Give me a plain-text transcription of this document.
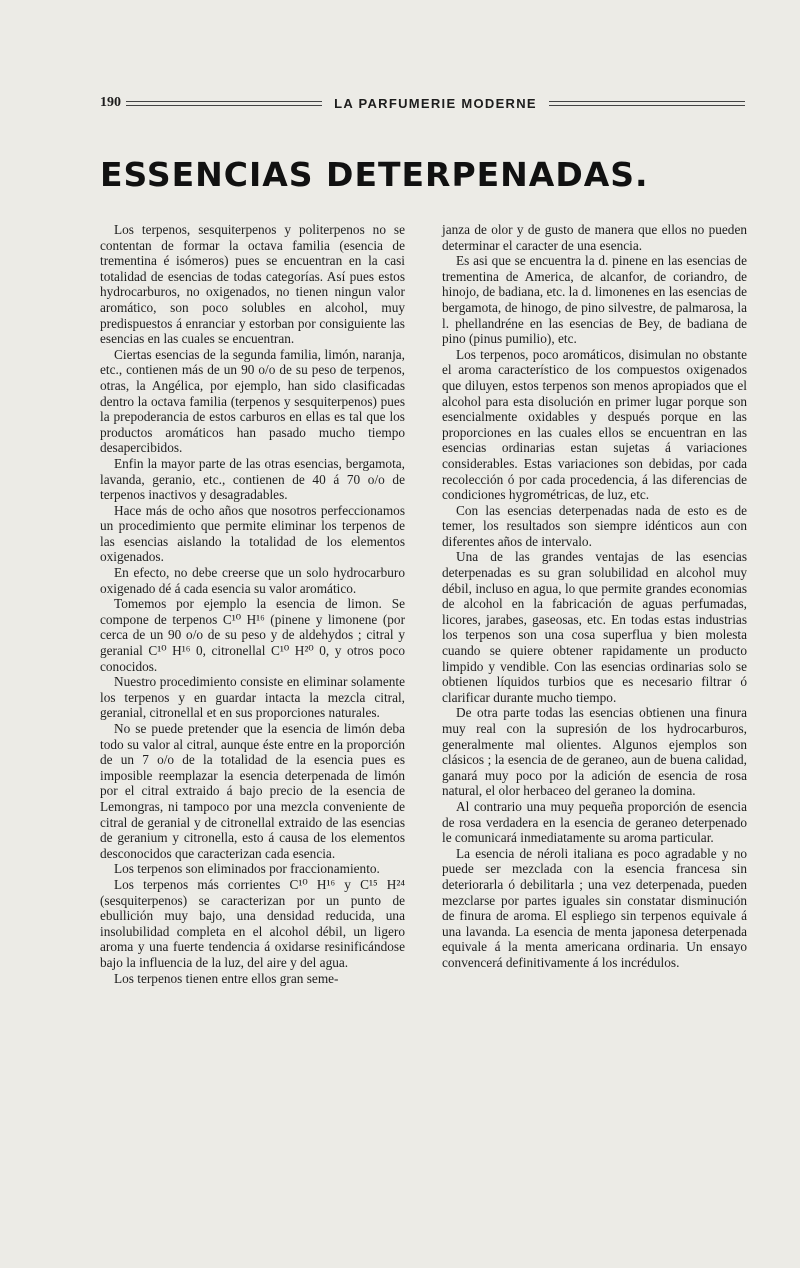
190	LA PARFUMERIE MODERNE
ESSENCIAS DETERPENADAS.

Los terpenos, sesquiterpenos y politerpenos no se contentan de formar la octava familia (esencia de trementina é isómeros) pues se encuentran en la casi totalidad de esencias de todas categorías. Así pues estos hydrocarburos, no oxigenados, no tienen ningun valor aromático, son poco solubles en alcohol, muy predispuestos á enranciar y estorban por consiguiente las esencias en las cuales se encuentran.

Ciertas esencias de la segunda familia, limón, naranja, etc., contienen más de un 90 o/o de su peso de terpenos, otras, la Angélica, por ejemplo, han sido clasificadas dentro la octava familia (terpenos y sesquiterpenos) pues la prepoderancia de estos carburos en ellas es tal que los productos aromáticos han pasado mucho tiempo desapercibidos.

Enfin la mayor parte de las otras esencias, bergamota, lavanda, geranio, etc., contienen de 40 á 70 o/o de terpenos inactivos y desagradables.

Hace más de ocho años que nosotros perfeccionamos un procedimiento que permite eliminar los terpenos de las esencias aislando la totalidad de los elementos oxigenados.

En efecto, no debe creerse que un solo hydrocarburo oxigenado dé á cada esencia su valor aromático.

Tomemos por ejemplo la esencia de limon. Se compone de terpenos C¹⁰ H¹⁶ (pinene y limonene (por cerca de un 90 o/o de su peso y de aldehydos ; citral y geranial C¹⁰ H¹⁶ 0, citronellal C¹⁰ H²⁰ 0, y otros poco conocidos.

Nuestro procedimiento consiste en eliminar solamente los terpenos y en guardar intacta la mezcla citral, geranial, citronellal et en sus proporciones naturales.

No se puede pretender que la esencia de limón deba todo su valor al citral, aunque éste entre en la proporción de un 7 o/o de la totalidad de la esencia pues es imposible reemplazar la esencia deterpenada de limón por el citral extraido á bajo precio de la esencia de Lemongras, ni tampoco por una mezcla conveniente de citral de geranial y de citronellal extraido de las esencias de geranium y citronella, esto á causa de los elementos desconocidos que caracterizan cada esencia.

Los terpenos son eliminados por fraccionamiento.

Los terpenos más corrientes C¹⁰ H¹⁶ y C¹⁵ H²⁴ (sesquiterpenos) se caracterizan por un punto de ebullición muy bajo, una densidad reducida, una insolubilidad completa en el alcohol débil, un ligero aroma y una fuerte tendencia á oxidarse resinificándose bajo la influencia de la luz, del aire y del agua.

Los terpenos tienen entre ellos gran seme-

janza de olor y de gusto de manera que ellos no pueden determinar el caracter de una esencia.

Es asi que se encuentra la d. pinene en las esencias de trementina de America, de alcanfor, de coriandro, de hinojo, de badiana, etc. la d. limonenes en las esencias de bergamota, de hinogo, de pino silvestre, de palmarosa, la l. phellandréne en las esencias de Bey, de badiana de pino (pinus pumilio), etc.

Los terpenos, poco aromáticos, disimulan no obstante el aroma característico de los compuestos oxigenados que diluyen, estos terpenos son menos apropiados que el alcohol para esta disolución en primer lugar porque son esencialmente oxidables y después porque en las proporciones en las cuales ellos se encuentran en las esencias ordinarias estan sujetas á variaciones considerables. Estas variaciones son debidas, por cada recolección ó por cada procedencia, á las diferencias de condiciones hygrométricas, de luz, etc.

Con las esencias deterpenadas nada de esto es de temer, los resultados son siempre idénticos aun con diferentes años de intervalo.

Una de las grandes ventajas de las esencias deterpenadas es su gran solubilidad en alcohol muy débil, incluso en agua, lo que permite grandes economias de alcohol en la fabricación de aguas perfumadas, licores, jarabes, gaseosas, etc. En todas estas industrias los terpenos son una cosa superflua y bien molesta cuando se quiere obtener rapidamente un producto limpido y vendible. Con las esencias ordinarias solo se obtienen líquidos turbios que es necesario filtrar ó clarificar durante mucho tiempo.

De otra parte todas las esencias obtienen una finura muy real con la supresión de los hydrocarburos, generalmente mal olientes. Algunos ejemplos son clásicos ; la esencia de de geraneo, aun de buena calidad, ganará muy poco por la adición de esencia de rosa natural, el olor herbaceo del geraneo la domina.

Al contrario una muy pequeña proporción de esencia de rosa verdadera en la esencia de geraneo deterpenado le comunicará inmediatamente su aroma particular.

La esencia de néroli italiana es poco agradable y no puede ser mezclada con la esencia francesa sin deteriorarla ó debilitarla ; una vez deterpenada, pueden mezclarse por partes iguales sin constatar disminución de finura de aroma. El espliego sin terpenos equivale á una lavanda. La esencia de menta japonesa deterpenada equivale á la menta americana ordinaria. Un ensayo convencerá definitivamente á los incrédulos.
